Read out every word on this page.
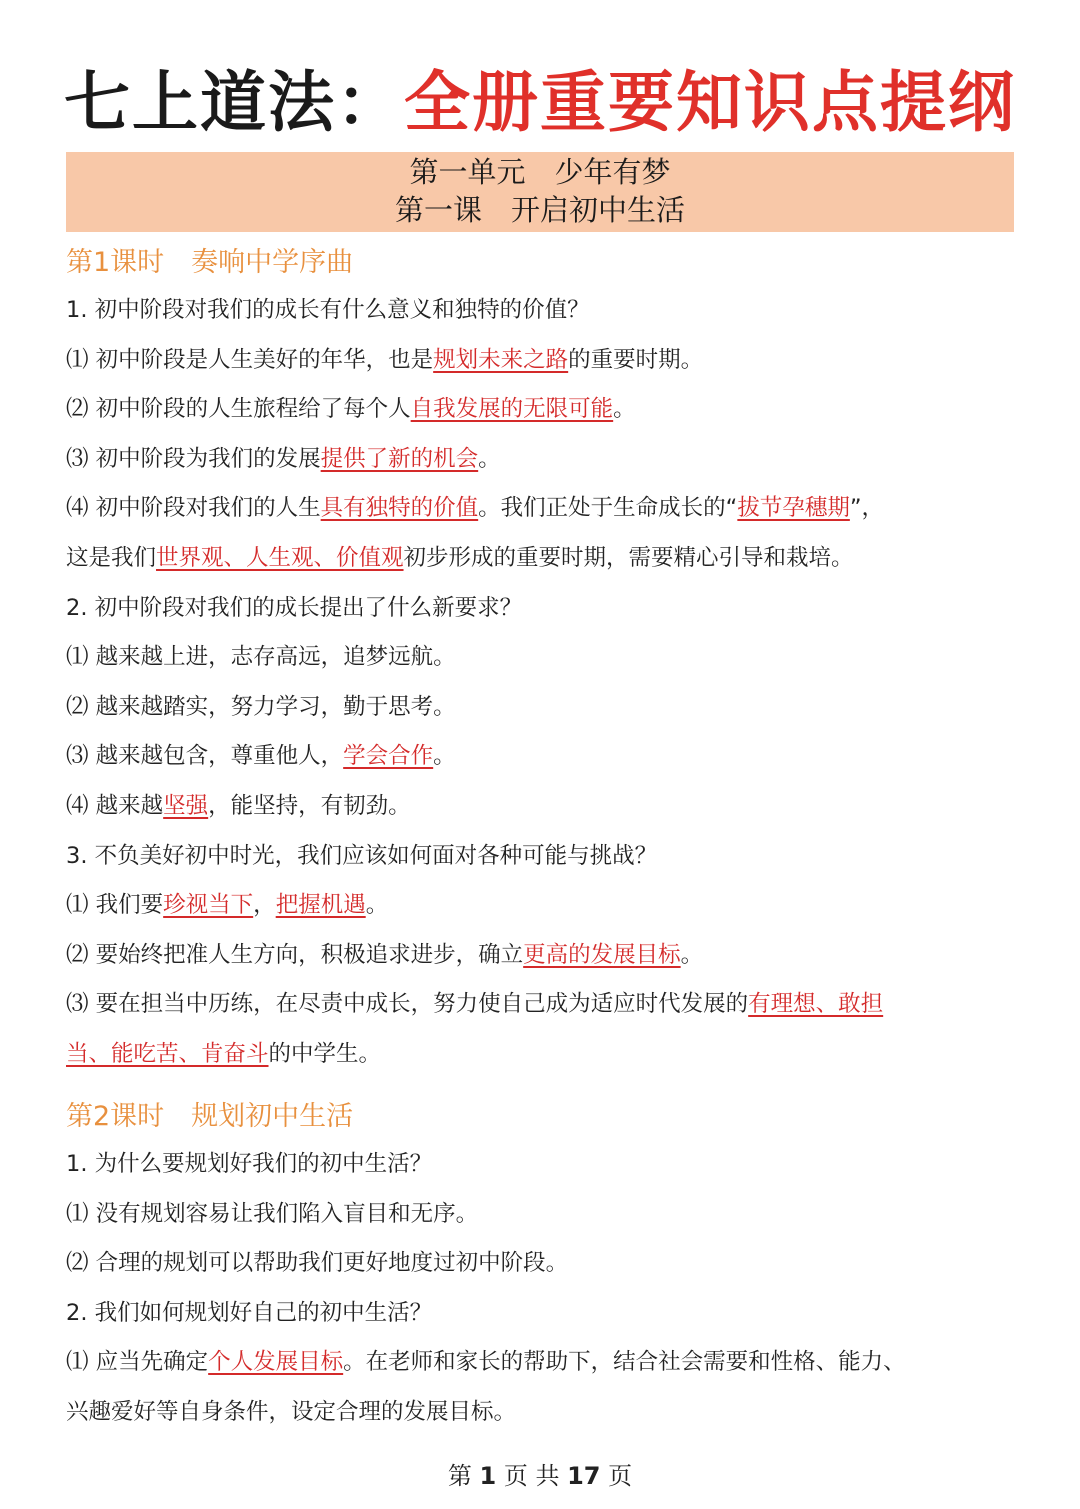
七上道法：全册重要知识点提纲
第一单元　少年有梦
第一课　开启初中生活
第1课时　奏响中学序曲
1. 初中阶段对我们的成长有什么意义和独特的价值？
⑴ 初中阶段是人生美好的年华，也是规划未来之路的重要时期。
⑵ 初中阶段的人生旅程给了每个人自我发展的无限可能。
⑶ 初中阶段为我们的发展提供了新的机会。
⑷ 初中阶段对我们的人生具有独特的价值。我们正处于生命成长的“拔节孕穗期”，
这是我们世界观、人生观、价值观初步形成的重要时期，需要精心引导和栽培。
2. 初中阶段对我们的成长提出了什么新要求？
⑴ 越来越上进，志存高远，追梦远航。
⑵ 越来越踏实，努力学习，勤于思考。
⑶ 越来越包含，尊重他人，学会合作。
⑷ 越来越坚强，能坚持，有韧劲。
3. 不负美好初中时光，我们应该如何面对各种可能与挑战？
⑴ 我们要珍视当下，把握机遇。
⑵ 要始终把准人生方向，积极追求进步，确立更高的发展目标。
⑶ 要在担当中历练，在尽责中成长，努力使自己成为适应时代发展的有理想、敢担
当、能吃苦、肯奋斗的中学生。
第2课时　规划初中生活
1. 为什么要规划好我们的初中生活？
⑴ 没有规划容易让我们陷入盲目和无序。
⑵ 合理的规划可以帮助我们更好地度过初中阶段。
2. 我们如何规划好自己的初中生活？
⑴ 应当先确定个人发展目标。在老师和家长的帮助下，结合社会需要和性格、能力、
兴趣爱好等自身条件，设定合理的发展目标。
第 1 页 共 17 页
